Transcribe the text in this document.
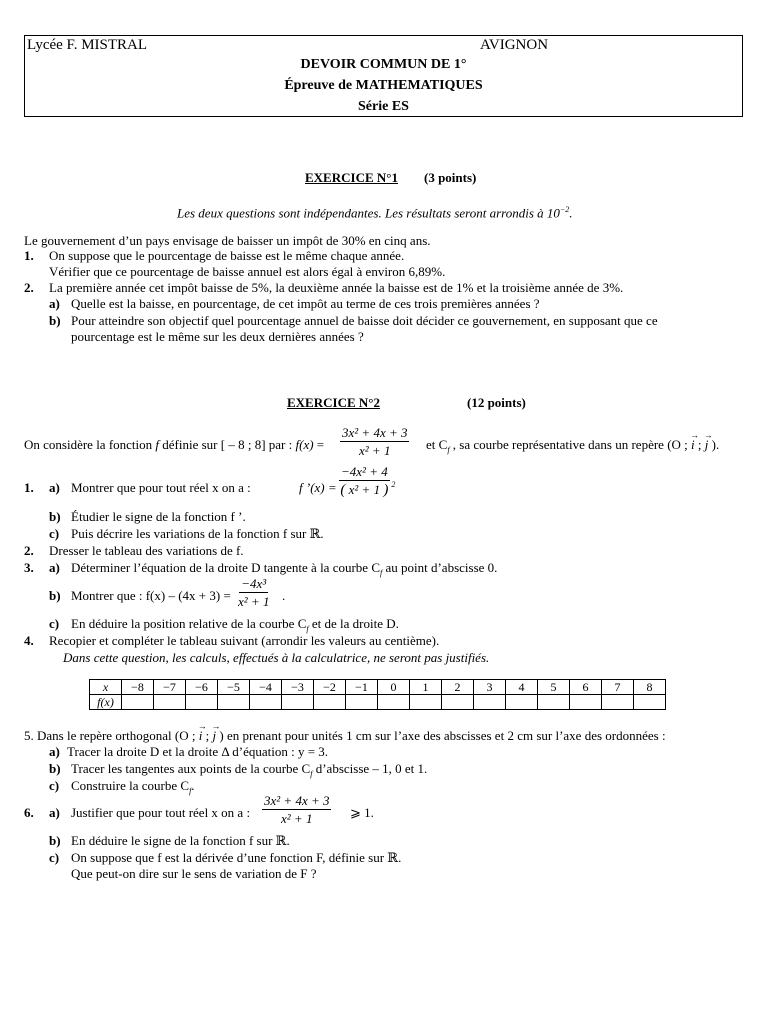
Lycée F. MISTRAL	AVIGNON
DEVOIR COMMUN DE 1°
Épreuve de MATHEMATIQUES
Série ES
EXERCICE N°1 (3 points)
Les deux questions sont indépendantes. Les résultats seront arrondis à $10^{-2}$.
Le gouvernement d’un pays envisage de baisser un impôt de 30% en cinq ans.
1. On suppose que le pourcentage de baisse est le même chaque année.
Vérifier que ce pourcentage de baisse annuel est alors égal à environ 6,89%.
2. La première année cet impôt baisse de 5%, la deuxième année la baisse est de 1% et la troisième année de 3%.
a) Quelle est la baisse, en pourcentage, de cet impôt au terme de ces trois premières années ?
b) Pour atteindre son objectif quel pourcentage annuel de baisse doit décider ce gouvernement, en supposant que ce
pourcentage est le même sur les deux dernières années ?
EXERCICE N°2	(12 points)
On considère la fonction f définie sur [ – 8 ; 8] par : $f(x) = \frac{\text{3x² + 4x + 3}}{\text{x² + 1}}$ et $C_f$ , sa courbe représentative dans un repère (O ; → i ; → j ).
1. a) Montrer que pour tout réel x on a :	f ’(x) = $\frac{\text{−4x² + 4}}{\text{( x² + 1 ) 2}}$
b) Étudier le signe de la fonction f ’.
c) Puis décrire les variations de la fonction f sur ℝ.
2. Dresser le tableau des variations de f.
3. a) Déterminer l’équation de la droite D tangente à la courbe $C_f$ au point d’abscisse 0.
b) Montrer que : $f(x) - (4x + 3) = \frac{\text{−4x³}}{\text{x² + 1}}$ .
c) En déduire la position relative de la courbe $C_f$ et de la droite D.
4. Recopier et compléter le tableau suivant (arrondir les valeurs au centième).
Dans cette question, les calculs, effectués à la calculatrice, ne seront pas justifiés.
x	−8	−7	−6	−5	−4	−3	−2	−1	0	1	2	3	4	5	6	7	8
f(x)																	
5. Dans le repère orthogonal (O ; → i ; → j ) en prenant pour unités 1 cm sur l’axe des abscisses et 2 cm sur l’axe des ordonnées :
a) Tracer la droite D et la droite Δ d’équation : y = 3.
b) Tracer les tangentes aux points de la courbe $C_f$ d’abscisse – 1, 0 et 1.
c) Construire la courbe $C_f$.
6. a) Justifier que pour tout réel x on a : $\frac{\text{3x² + 4x + 3}}{\text{x² + 1}}$ ⩾ 1.
b) En déduire le signe de la fonction f sur ℝ.
c) On suppose que f est la dérivée d’une fonction F, définie sur ℝ.
Que peut-on dire sur le sens de variation de F ?
